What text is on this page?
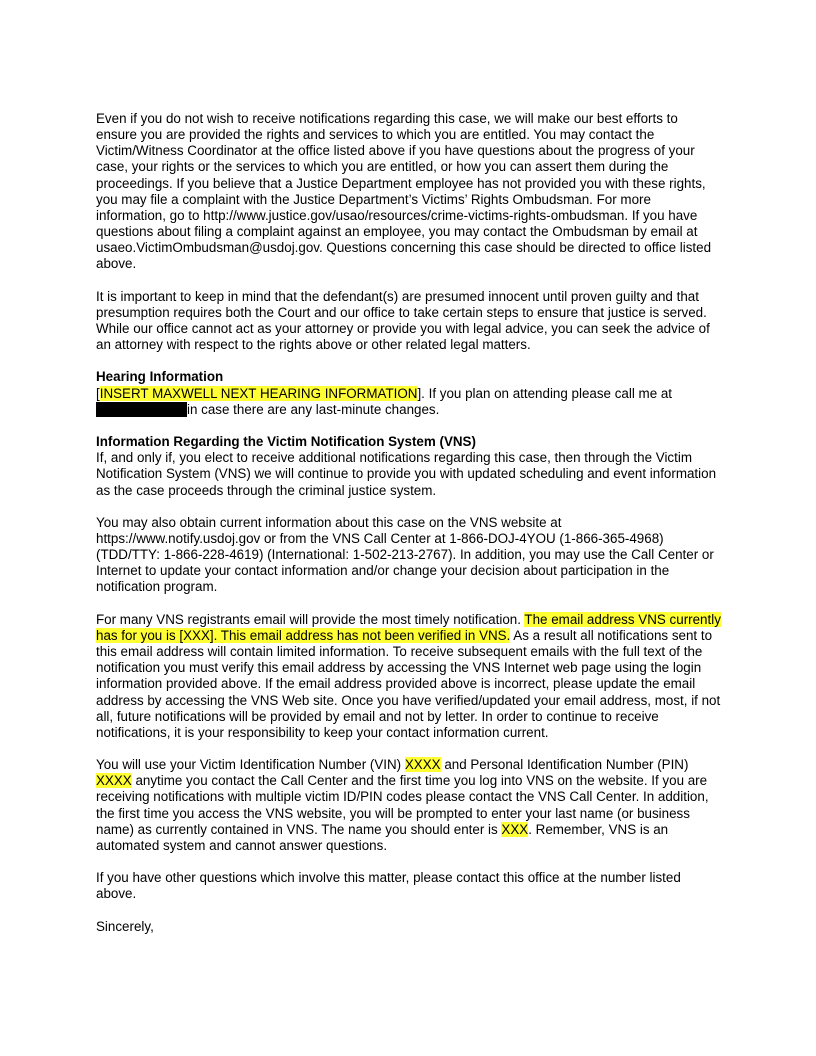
Even if you do not wish to receive notifications regarding this case, we will make our best efforts to ensure you are provided the rights and services to which you are entitled. You may contact the Victim/Witness Coordinator at the office listed above if you have questions about the progress of your case, your rights or the services to which you are entitled, or how you can assert them during the proceedings. If you believe that a Justice Department employee has not provided you with these rights, you may file a complaint with the Justice Department’s Victims’ Rights Ombudsman. For more information, go to http://www.justice.gov/usao/resources/crime-victims-rights-ombudsman. If you have questions about filing a complaint against an employee, you may contact the Ombudsman by email at usaeo.VictimOmbudsman@usdoj.gov. Questions concerning this case should be directed to office listed above.

It is important to keep in mind that the defendant(s) are presumed innocent until proven guilty and that presumption requires both the Court and our office to take certain steps to ensure that justice is served. While our office cannot act as your attorney or provide you with legal advice, you can seek the advice of an attorney with respect to the rights above or other related legal matters.

Hearing Information
[INSERT MAXWELL NEXT HEARING INFORMATION]. If you plan on attending please call me at
in case there are any last-minute changes.

Information Regarding the Victim Notification System (VNS)
If, and only if, you elect to receive additional notifications regarding this case, then through the Victim Notification System (VNS) we will continue to provide you with updated scheduling and event information as the case proceeds through the criminal justice system.

You may also obtain current information about this case on the VNS website at https://www.notify.usdoj.gov or from the VNS Call Center at 1-866-DOJ-4YOU (1-866-365-4968) (TDD/TTY: 1-866-228-4619) (International: 1-502-213-2767). In addition, you may use the Call Center or Internet to update your contact information and/or change your decision about participation in the notification program.

For many VNS registrants email will provide the most timely notification. The email address VNS currently has for you is [XXX]. This email address has not been verified in VNS. As a result all notifications sent to this email address will contain limited information. To receive subsequent emails with the full text of the notification you must verify this email address by accessing the VNS Internet web page using the login information provided above. If the email address provided above is incorrect, please update the email address by accessing the VNS Web site. Once you have verified/updated your email address, most, if not all, future notifications will be provided by email and not by letter. In order to continue to receive notifications, it is your responsibility to keep your contact information current.

You will use your Victim Identification Number (VIN) XXXX and Personal Identification Number (PIN) XXXX anytime you contact the Call Center and the first time you log into VNS on the website. If you are receiving notifications with multiple victim ID/PIN codes please contact the VNS Call Center. In addition, the first time you access the VNS website, you will be prompted to enter your last name (or business name) as currently contained in VNS. The name you should enter is XXX. Remember, VNS is an automated system and cannot answer questions.

If you have other questions which involve this matter, please contact this office at the number listed above.

Sincerely,
